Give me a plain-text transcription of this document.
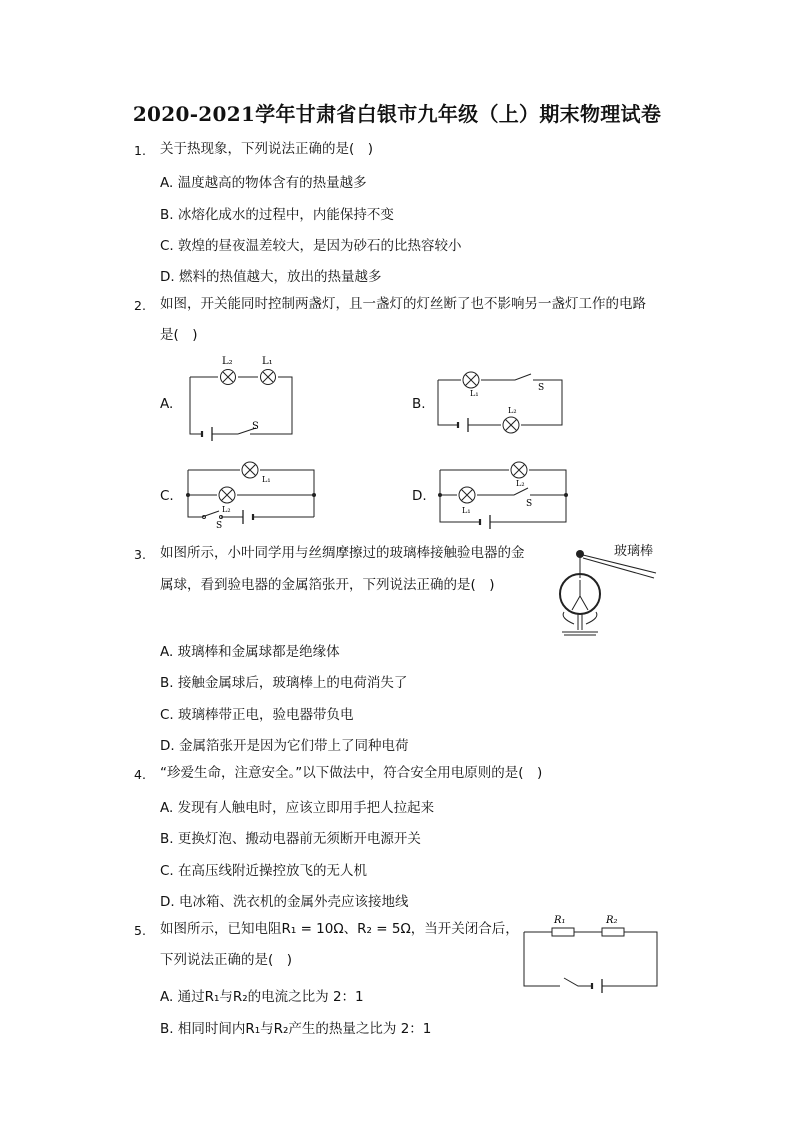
2020-2021学年甘肃省白银市九年级（上）期末物理试卷
1. 关于热现象，下列说法正确的是(　)
A. 温度越高的物体含有的热量越多
B. 冰熔化成水的过程中，内能保持不变
C. 敦煌的昼夜温差较大，是因为砂石的比热容较小
D. 燃料的热值越大，放出的热量越多
2. 如图，开关能同时控制两盏灯，且一盏灯的灯丝断了也不影响另一盏灯工作的电路
是(　)
A.	B.
C.	D.
L₂	L₁
S
L₁
S
L₂
L₁
L₂
S
L₂
S
L₁
3. 如图所示，小叶同学用与丝绸摩擦过的玻璃棒接触验电器的金
属球，看到验电器的金属箔张开，下列说法正确的是(　)
玻璃棒
A. 玻璃棒和金属球都是绝缘体
B. 接触金属球后，玻璃棒上的电荷消失了
C. 玻璃棒带正电，验电器带负电
D. 金属箔张开是因为它们带上了同种电荷
4. “珍爱生命，注意安全。”以下做法中，符合安全用电原则的是(　)
A. 发现有人触电时，应该立即用手把人拉起来
B. 更换灯泡、搬动电器前无须断开电源开关
C. 在高压线附近操控放飞的无人机
D. 电冰箱、洗衣机的金属外壳应该接地线
5. 如图所示，已知电阻R₁ = 10Ω、R₂ = 5Ω，当开关闭合后，
下列说法正确的是(　)
R₁	R₂
A. 通过R₁与R₂的电流之比为 2：1
B. 相同时间内R₁与R₂产生的热量之比为 2：1
